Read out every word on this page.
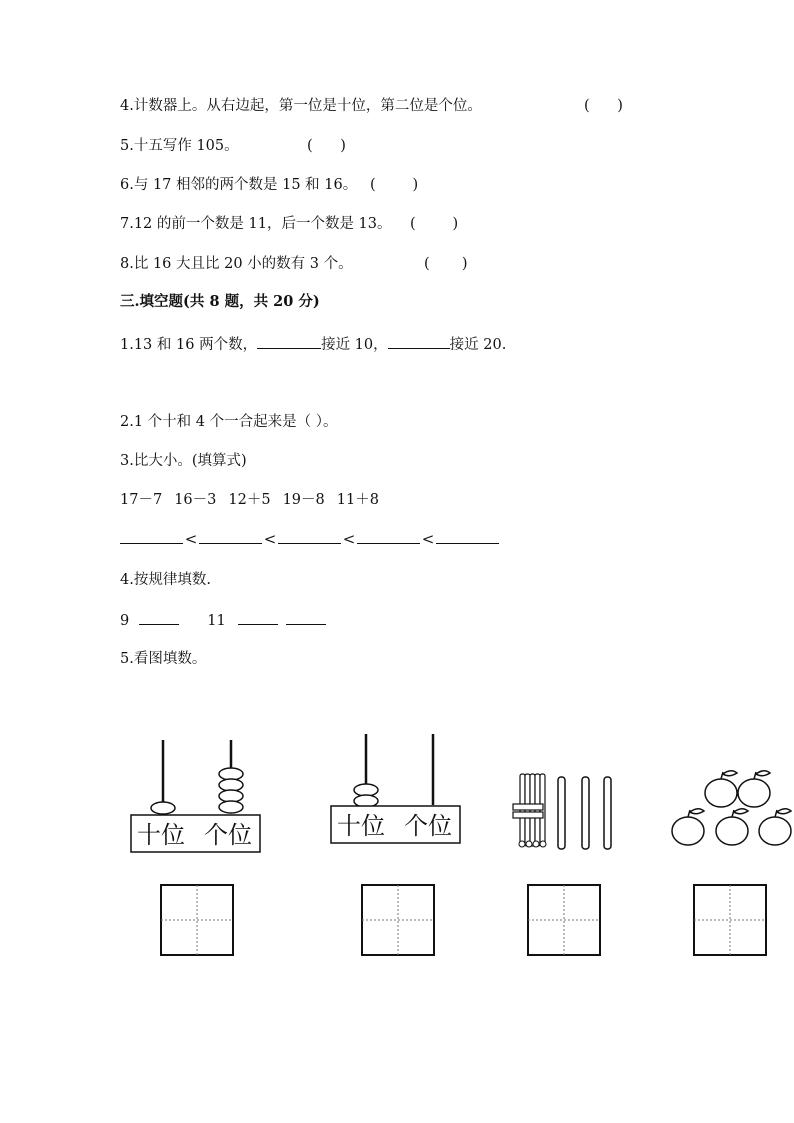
4.计数器上。从右边起，第一位是十位，第二位是个位。	(      )
5.十五写作 105。	(      )
6.与 17 相邻的两个数是 15 和 16。 (        )
7.12 的前一个数是 11，后一个数是 13。 (        )
8.比 16 大且比 20 小的数有 3 个。	(       )
三.填空题(共 8 题，共 20 分)
1.13 和 16 两个数，	接近 10，	接近 20.
2.1 个十和 4 个一合起来是（ ）。
3.比大小。(填算式)
17－7 16－3 12＋5 19－8 11＋8
<	<	<	<
4.按规律填数.
9	11
5.看图填数。
十位 个位	十位 个位
